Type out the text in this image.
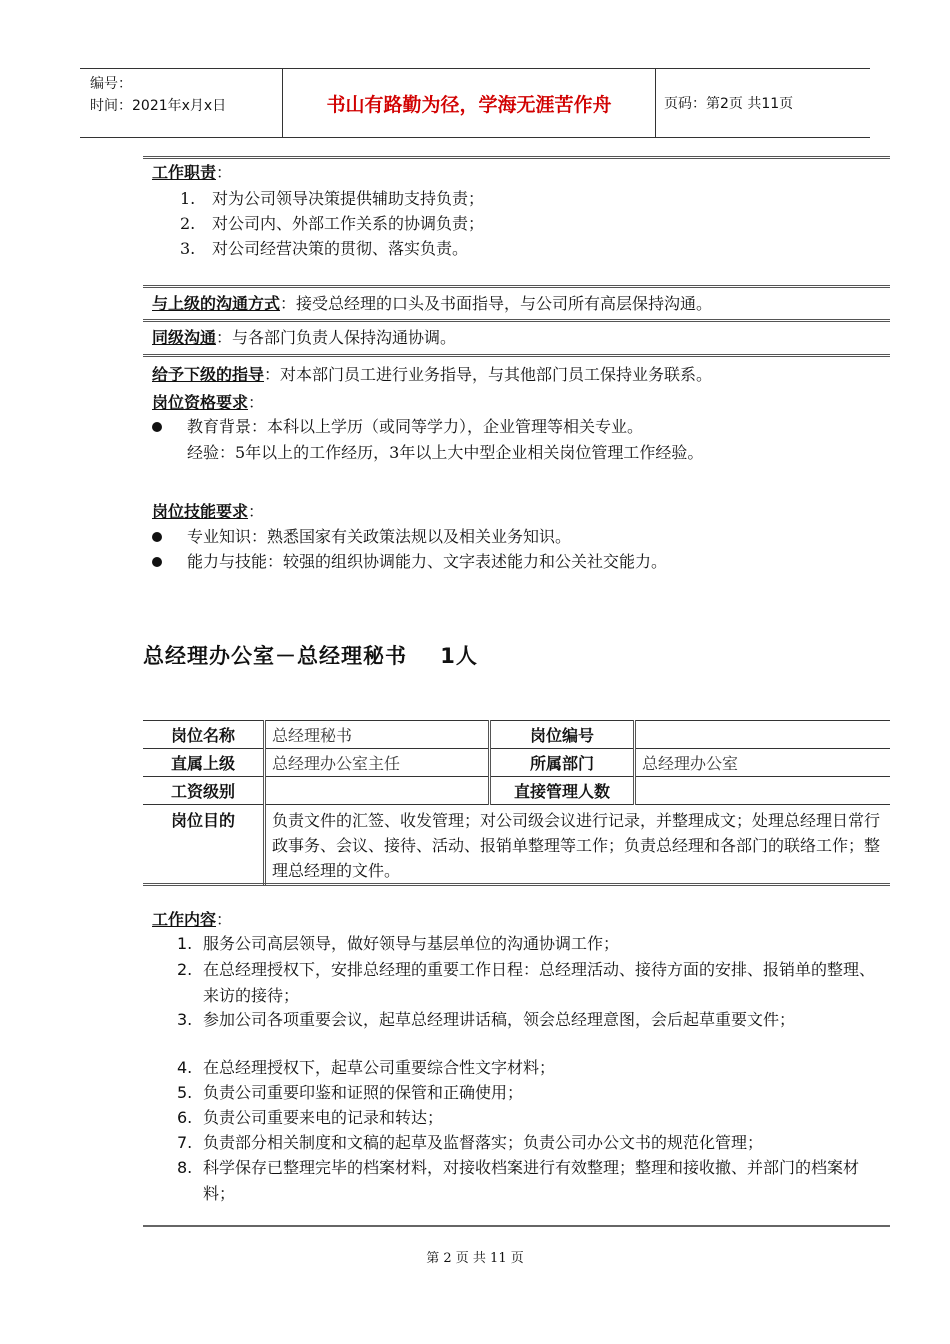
编号：
时间：2021年x月x日	书山有路勤为径，学海无涯苦作舟	页码：第2页 共11页
工作职责：
1. 对为公司领导决策提供辅助支持负责；
2. 对公司内、外部工作关系的协调负责；
3. 对公司经营决策的贯彻、落实负责。
与上级的沟通方式：接受总经理的口头及书面指导，与公司所有高层保持沟通。
同级沟通：与各部门负责人保持沟通协调。
给予下级的指导：对本部门员工进行业务指导，与其他部门员工保持业务联系。
岗位资格要求：
教育背景：本科以上学历（或同等学力），企业管理等相关专业。
经验：5年以上的工作经历，3年以上大中型企业相关岗位管理工作经验。
岗位技能要求：
专业知识：熟悉国家有关政策法规以及相关业务知识。
能力与技能：较强的组织协调能力、文字表述能力和公关社交能力。
总经理办公室－总经理秘书    1人
岗位名称	总经理秘书	岗位编号	
直属上级	总经理办公室主任	所属部门	总经理办公室
工资级别		直接管理人数	
岗位目的	负责文件的汇签、收发管理；对公司级会议进行记录，并整理成文；处理总经理日常行政事务、会议、接待、活动、报销单整理等工作；负责总经理和各部门的联络工作；整理总经理的文件。		
工作内容：
1. 服务公司高层领导，做好领导与基层单位的沟通协调工作；
2. 在总经理授权下，安排总经理的重要工作日程：总经理活动、接待方面的安排、报销单的整理、来访的接待；
3. 参加公司各项重要会议，起草总经理讲话稿，领会总经理意图，会后起草重要文件；
4. 在总经理授权下，起草公司重要综合性文字材料；
5. 负责公司重要印鉴和证照的保管和正确使用；
6. 负责公司重要来电的记录和转达；
7. 负责部分相关制度和文稿的起草及监督落实；负责公司办公文书的规范化管理；
8. 科学保存已整理完毕的档案材料，对接收档案进行有效整理；整理和接收撤、并部门的档案材料；
第 2 页 共 11 页
